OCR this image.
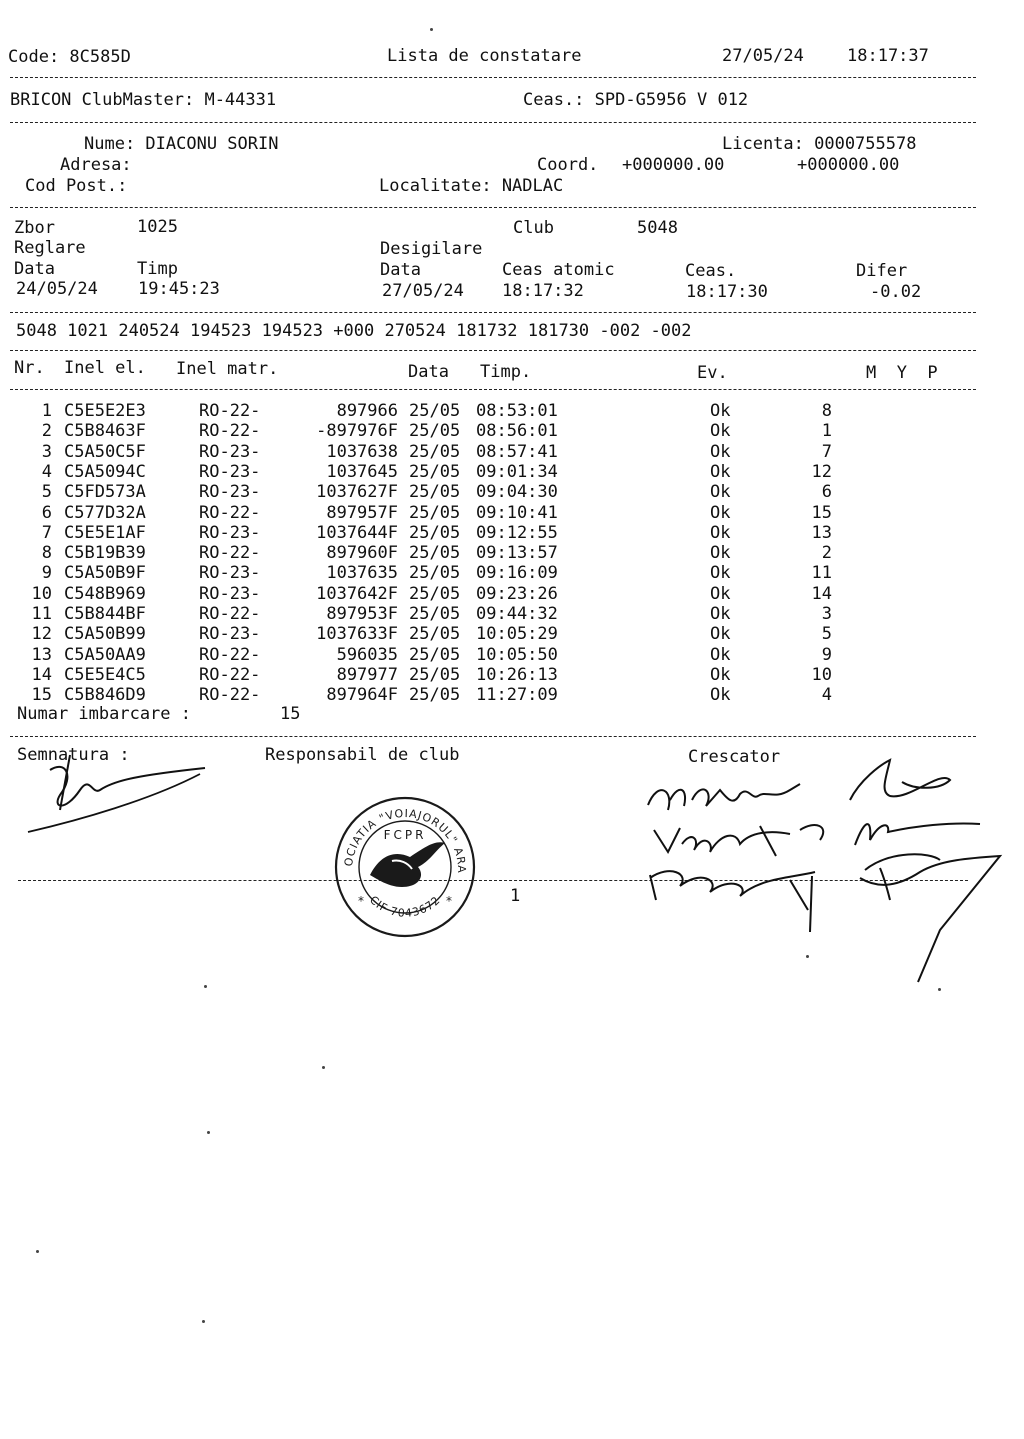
Code: 8C585D	Lista de constatare	27/05/24	18:17:37
BRICON ClubMaster: M-44331	Ceas.: SPD-G5956 V 012
Nume: DIACONU SORIN	Licenta: 0000755578
Adresa:	Coord. +000000.00	+000000.00
Cod Post.:	Localitate: NADLAC
Zbor	1025	Club	5048
Reglare	Desigilare
Data	Timp	Data	Ceas atomic	Ceas.	Difer
24/05/24 19:45:23	27/05/24 18:17:32	18:17:30	-0.02
5048 1021 240524 194523 194523 +000 270524 181732 181730 -002 -002
Nr. Inel el. Inel matr.	Data Timp.	Ev.	M  Y  P
1 C5E5E2E3	RO-22-	897966 25/05 08:53:01	Ok	8
2 C5B8463F	RO-22-	-897976F 25/05 08:56:01	Ok	1
3 C5A50C5F	RO-23-	1037638 25/05 08:57:41	Ok	7
4 C5A5094C	RO-23-	1037645 25/05 09:01:34	Ok	12
5 C5FD573A	RO-23-	1037627F 25/05 09:04:30	Ok	6
6 C577D32A	RO-22-	897957F 25/05 09:10:41	Ok	15
7 C5E5E1AF	RO-23-	1037644F 25/05 09:12:55	Ok	13
8 C5B19B39	RO-22-	897960F 25/05 09:13:57	Ok	2
9 C5A50B9F	RO-23-	1037635 25/05 09:16:09	Ok	11
10 C548B969	RO-23-	1037642F 25/05 09:23:26	Ok	14
11 C5B844BF	RO-22-	897953F 25/05 09:44:32	Ok	3
12 C5A50B99	RO-23-	1037633F 25/05 10:05:29	Ok	5
13 C5A50AA9	RO-22-	596035 25/05 10:05:50	Ok	9
14 C5E5E4C5	RO-22-	897977 25/05 10:26:13	Ok	10
15 C5B846D9	RO-22-	897964F 25/05 11:27:09	Ok	4
Numar imbarcare :	15
Semnatura :	Responsabil de club	Crescator
1
ASOCIATIA "VOIAJORUL" ARAD
FCPR
CIF 7043672
*	*
